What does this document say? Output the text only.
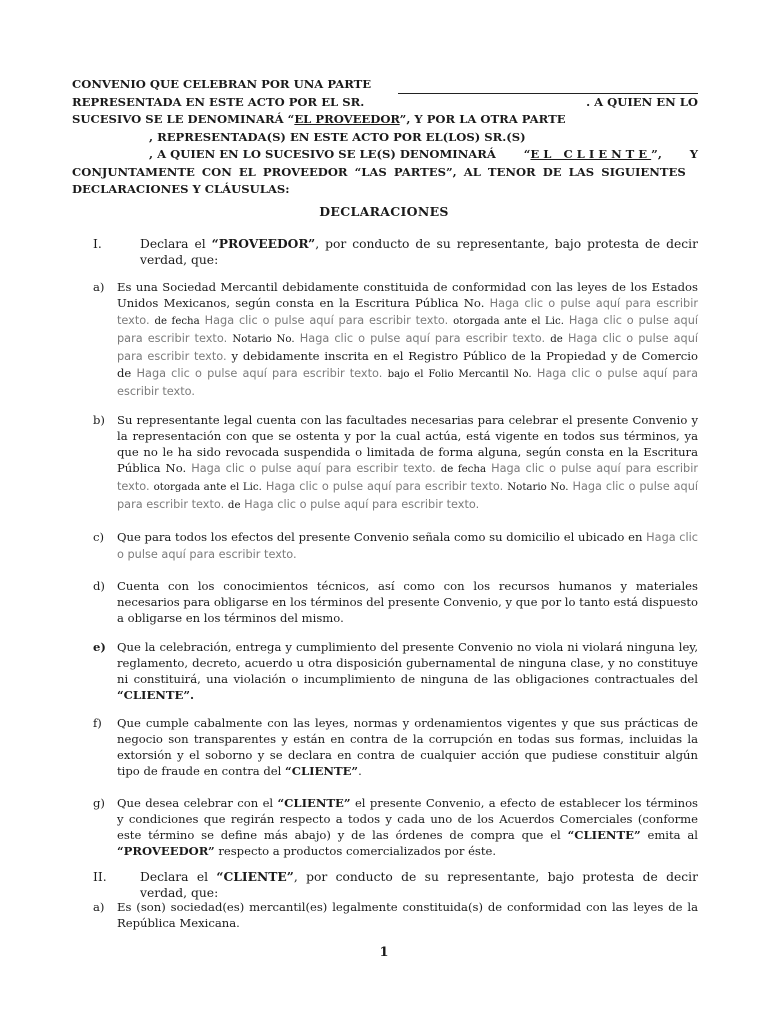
CONVENIO QUE CELEBRAN POR UNA PARTE
REPRESENTADA EN ESTE ACTO POR EL SR.	. A QUIEN EN LO
SUCESIVO SE LE DENOMINARÁ “EL PROVEEDOR”, Y POR LA OTRA PARTE
, REPRESENTADA(S) EN ESTE ACTO POR EL(LOS) SR.(S)
, A QUIEN EN LO SUCESIVO SE LE(S) DENOMINARÁ “EL CLIENTE”, Y
CONJUNTAMENTE CON EL PROVEEDOR “LAS PARTES”, AL TENOR DE LAS SIGUIENTES
DECLARACIONES Y CLÁUSULAS:
DECLARACIONES
I.	Declara el “PROVEEDOR”, por conducto de su representante, bajo protesta de decir verdad, que:
a) Es una Sociedad Mercantil debidamente constituida de conformidad con las leyes de los Estados Unidos Mexicanos, según consta en la Escritura Pública No. Haga clic o pulse aquí para escribir texto. de fecha Haga clic o pulse aquí para escribir texto. otorgada ante el Lic. Haga clic o pulse aquí para escribir texto. Notario No. Haga clic o pulse aquí para escribir texto. de Haga clic o pulse aquí para escribir texto. y debidamente inscrita en el Registro Público de la Propiedad y de Comercio de Haga clic o pulse aquí para escribir texto. bajo el Folio Mercantil No. Haga clic o pulse aquí para escribir texto.
b) Su representante legal cuenta con las facultades necesarias para celebrar el presente Convenio y la representación con que se ostenta y por la cual actúa, está vigente en todos sus términos, ya que no le ha sido revocada suspendida o limitada de forma alguna, según consta en la Escritura Pública No. Haga clic o pulse aquí para escribir texto. de fecha Haga clic o pulse aquí para escribir texto. otorgada ante el Lic. Haga clic o pulse aquí para escribir texto. Notario No. Haga clic o pulse aquí para escribir texto. de Haga clic o pulse aquí para escribir texto.
c) Que para todos los efectos del presente Convenio señala como su domicilio el ubicado en Haga clic o pulse aquí para escribir texto.
d) Cuenta con los conocimientos técnicos, así como con los recursos humanos y materiales necesarios para obligarse en los términos del presente Convenio, y que por lo tanto está dispuesto a obligarse en los términos del mismo.
e) Que la celebración, entrega y cumplimiento del presente Convenio no viola ni violará ninguna ley, reglamento, decreto, acuerdo u otra disposición gubernamental de ninguna clase, y no constituye ni constituirá, una violación o incumplimiento de ninguna de las obligaciones contractuales del “CLIENTE”.
f) Que cumple cabalmente con las leyes, normas y ordenamientos vigentes y que sus prácticas de negocio son transparentes y están en contra de la corrupción en todas sus formas, incluidas la extorsión y el soborno y se declara en contra de cualquier acción que pudiese constituir algún tipo de fraude en contra del “CLIENTE”.
g) Que desea celebrar con el “CLIENTE” el presente Convenio, a efecto de establecer los términos y condiciones que regirán respecto a todos y cada uno de los Acuerdos Comerciales (conforme este término se define más abajo) y de las órdenes de compra que el “CLIENTE” emita al “PROVEEDOR” respecto a productos comercializados por éste.
II.	Declara el “CLIENTE”, por conducto de su representante, bajo protesta de decir verdad, que:
a) Es (son) sociedad(es) mercantil(es) legalmente constituida(s) de conformidad con las leyes de la República Mexicana.
1
